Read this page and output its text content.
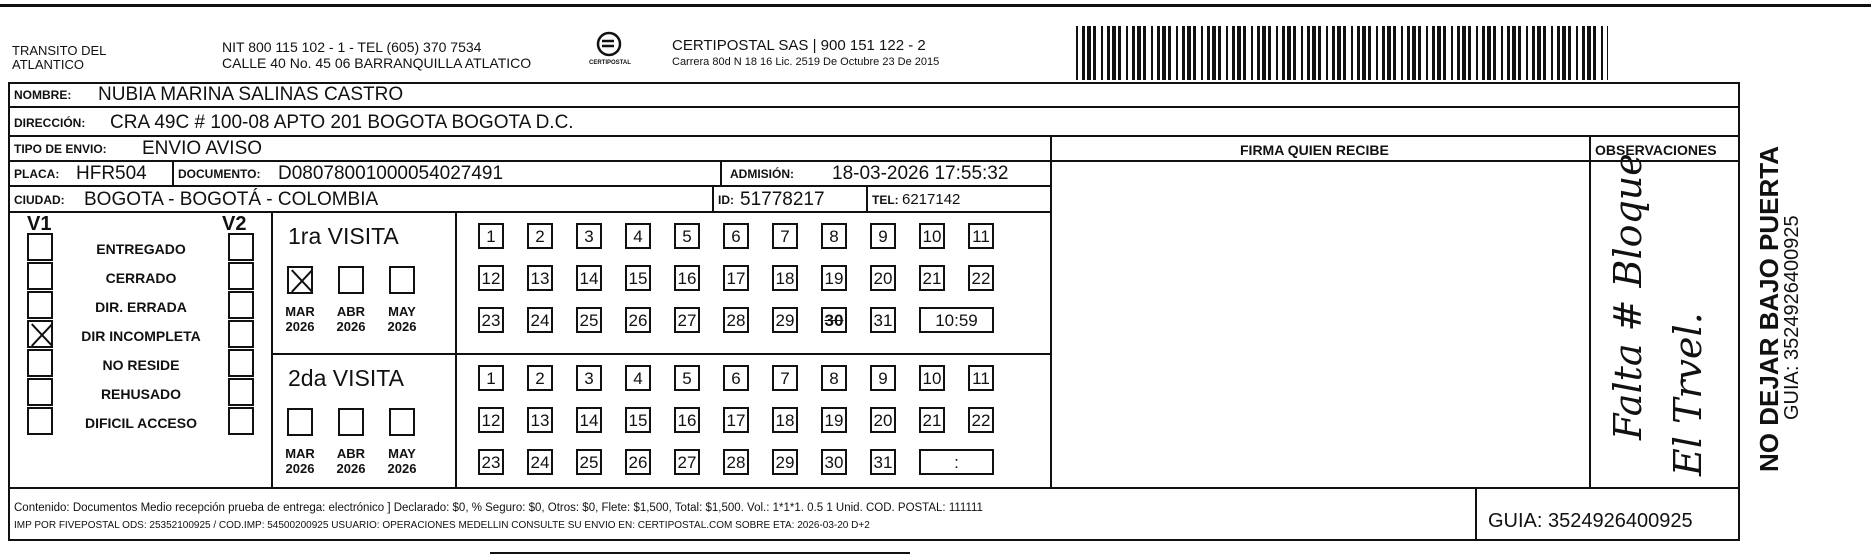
TRANSITO DEL ATLANTICO
NIT 800 115 102 - 1 - TEL (605) 370 7534
CALLE 40 No. 45 06 BARRANQUILLA ATLATICO	CERTIPOSTAL
CERTIPOSTAL SAS | 900 151 122 - 2
Carrera 80d N 18 16 Lic. 2519 De Octubre 23 De 2015
NOMBRE: NUBIA MARINA SALINAS CASTRO
DIRECCIÓN: CRA 49C # 100-08 APTO 201 BOGOTA BOGOTA D.C.
FIRMA QUIEN RECIBE	OBSERVACIONES
TIPO DE ENVIO: ENVIO AVISO
PLACA: HFR504	DOCUMENTO: D08078001000054027491	ADMISIÓN: 18-03-2026 17:55:32
CIUDAD: BOGOTA - BOGOTÁ - COLOMBIA	ID: 51778217	TEL: 6217142
V1	V2
ENTREGADO
CERRADO
DIR. ERRADA
DIR INCOMPLETA
NO RESIDE
REHUSADO
DIFICIL ACCESO
1ra VISITA
MAR
2026
ABR
2026
MAY
2026
1	2	3	4	5	6	7	8	9	10 11
12 13 14 15 16 17 18 19 20 21 22
23 24 25 26 27 28 29 30 31	10:59
2da VISITA
MAR
2026
ABR
2026
MAY
2026
1	2	3	4	5	6	7	8	9	10 11
12 13 14 15 16 17 18 19 20 21 22
23 24 25 26 27 28 29 30 31	:
Falta # Bloque El Trvel.
Contenido: Documentos Medio recepción prueba de entrega: electrónico ] Declarado: $0, % Seguro: $0, Otros: $0, Flete: $1,500, Total: $1,500. Vol.: 1*1*1. 0.5 1 Unid. COD. POSTAL: 111111
IMP POR FIVEPOSTAL ODS: 25352100925 / COD.IMP: 54500200925 USUARIO: OPERACIONES MEDELLIN CONSULTE SU ENVIO EN: CERTIPOSTAL.COM SOBRE ETA: 2026-03-20 D+2	GUIA: 3524926400925
NO DEJAR BAJO PUERTA
GUIA: 3524926400925
